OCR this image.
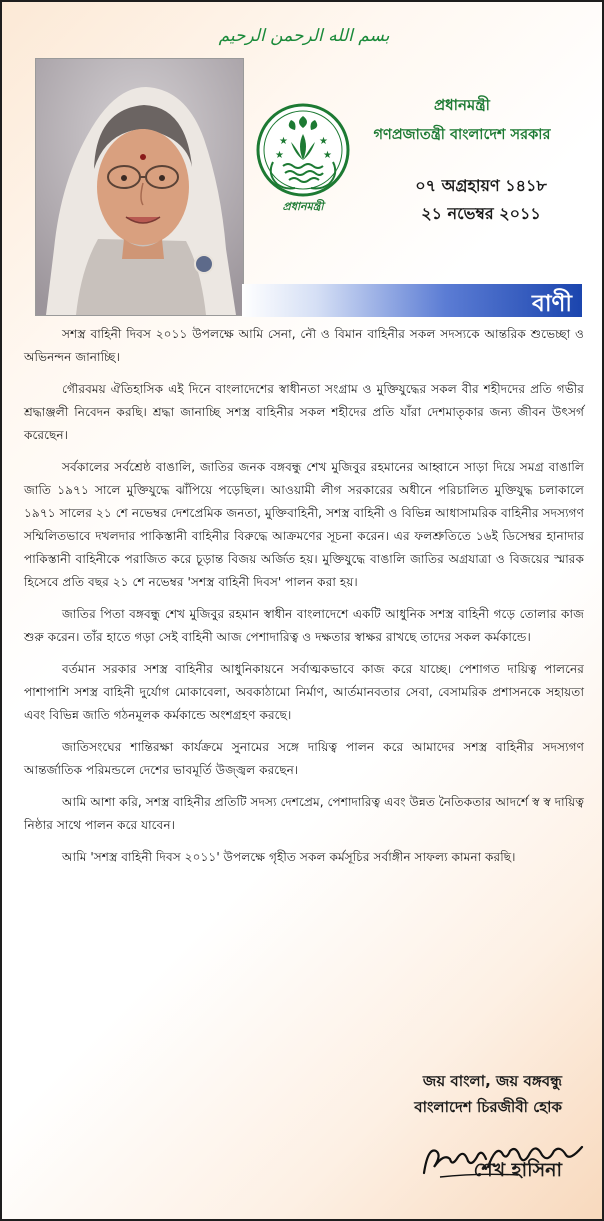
بسم الله الرحمن الرحيم
★	★
★	★
প্রধানমন্ত্রী
প্রধানমন্ত্রী
গণপ্রজাতন্ত্রী বাংলাদেশ সরকার
০৭ অগ্রহায়ণ ১৪১৮
২১ নভেম্বর ২০১১
বাণী

সশস্ত্র বাহিনী দিবস ২০১১ উপলক্ষে আমি সেনা, নৌ ও বিমান বাহিনীর সকল সদস্যকে আন্তরিক শুভেচ্ছা ও অভিনন্দন জানাচ্ছি।

গৌরবময় ঐতিহাসিক এই দিনে বাংলাদেশের স্বাধীনতা সংগ্রাম ও মুক্তিযুদ্ধের সকল বীর শহীদদের প্রতি গভীর শ্রদ্ধাঞ্জলী নিবেদন করছি। শ্রদ্ধা জানাচ্ছি সশস্ত্র বাহিনীর সকল শহীদের প্রতি যাঁরা দেশমাতৃকার জন্য জীবন উৎসর্গ করেছেন।

সর্বকালের সর্বশ্রেষ্ঠ বাঙালি, জাতির জনক বঙ্গবন্ধু শেখ মুজিবুর রহমানের আহ্বানে সাড়া দিয়ে সমগ্র বাঙালি জাতি ১৯৭১ সালে মুক্তিযুদ্ধে ঝাঁপিয়ে পড়েছিল। আওয়ামী লীগ সরকারের অধীনে পরিচালিত মুক্তিযুদ্ধ চলাকালে ১৯৭১ সালের ২১ শে নভেম্বর দেশপ্রেমিক জনতা, মুক্তিবাহিনী, সশস্ত্র বাহিনী ও বিভিন্ন আধাসামরিক বাহিনীর সদস্যগণ সম্মিলিতভাবে দখলদার পাকিস্তানী বাহিনীর বিরুদ্ধে আক্রমণের সূচনা করেন। এর ফলশ্রুতিতে ১৬ই ডিসেম্বর হানাদার পাকিস্তানী বাহিনীকে পরাজিত করে চূড়ান্ত বিজয় অর্জিত হয়। মুক্তিযুদ্ধে বাঙালি জাতির অগ্রযাত্রা ও বিজয়ের স্মারক হিসেবে প্রতি বছর ২১ শে নভেম্বর 'সশস্ত্র বাহিনী দিবস' পালন করা হয়।

জাতির পিতা বঙ্গবন্ধু শেখ মুজিবুর রহমান স্বাধীন বাংলাদেশে একটি আধুনিক সশস্ত্র বাহিনী গড়ে তোলার কাজ শুরু করেন। তাঁর হাতে গড়া সেই বাহিনী আজ পেশাদারিত্ব ও দক্ষতার স্বাক্ষর রাখছে তাদের সকল কর্মকান্ডে।

বর্তমান সরকার সশস্ত্র বাহিনীর আধুনিকায়নে সর্বাত্মকভাবে কাজ করে যাচ্ছে। পেশাগত দায়িত্ব পালনের পাশাপাশি সশস্ত্র বাহিনী দুর্যোগ মোকাবেলা, অবকাঠামো নির্মাণ, আর্তমানবতার সেবা, বেসামরিক প্রশাসনকে সহায়তা এবং বিভিন্ন জাতি গঠনমূলক কর্মকান্ডে অংশগ্রহণ করছে।

জাতিসংঘের শান্তিরক্ষা কার্যক্রমে সুনামের সঙ্গে দায়িত্ব পালন করে আমাদের সশস্ত্র বাহিনীর সদস্যগণ আন্তর্জাতিক পরিমন্ডলে দেশের ভাবমূর্তি উজ্জ্বল করছেন।

আমি আশা করি, সশস্ত্র বাহিনীর প্রতিটি সদস্য দেশপ্রেম, পেশাদারিত্ব এবং উন্নত নৈতিকতার আদর্শে স্ব স্ব দায়িত্ব নিষ্ঠার সাথে পালন করে যাবেন।

আমি 'সশস্ত্র বাহিনী দিবস ২০১১' উপলক্ষে গৃহীত সকল কর্মসূচির সর্বাঙ্গীন সাফল্য কামনা করছি।

জয় বাংলা, জয় বঙ্গবন্ধু
বাংলাদেশ চিরজীবী হোক
শেখ হাসিনা
